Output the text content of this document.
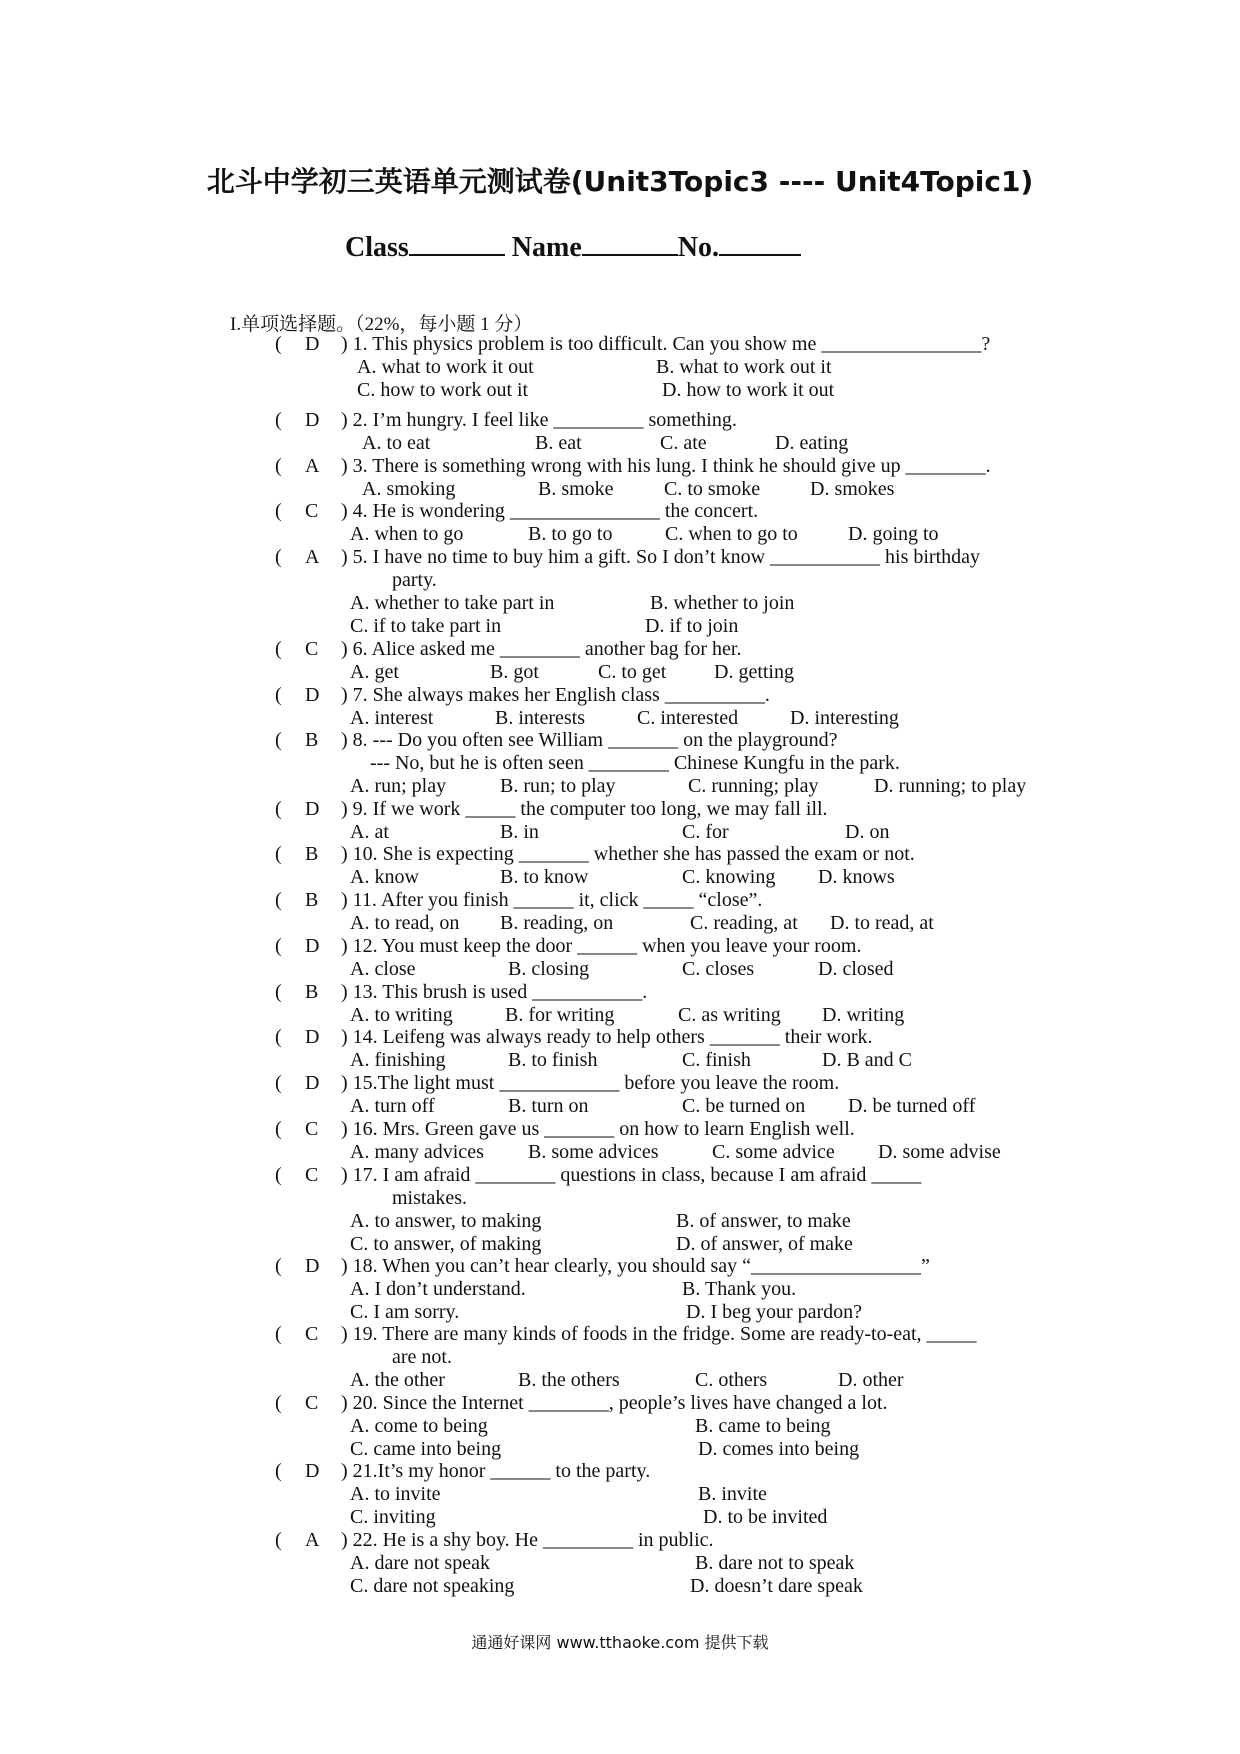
北斗中学初三英语单元测试卷(Unit3Topic3 ---- Unit4Topic1)
Class	Name	No.
I.单项选择题。（22%，每小题 1 分）
( D ) 1. This physics problem is too difficult. Can you show me ________________?
A. what to work it out	B. what to work out it
C. how to work out it	D. how to work it out
( D ) 2. I’m hungry. I feel like _________ something.
A. to eat	B. eat	C. ate	D. eating
( A ) 3. There is something wrong with his lung. I think he should give up ________.
A. smoking	B. smoke	C. to smoke D. smokes
( C ) 4. He is wondering _______________ the concert.
A. when to go	B. to go to	C. when to go to	D. going to
( A ) 5. I have no time to buy him a gift. So I don’t know ___________ his birthday
party.
A. whether to take part in	B. whether to join
C. if to take part in	D. if to join
( C ) 6. Alice asked me ________ another bag for her.
A. get	B. got	C. to get D. getting
( D ) 7. She always makes her English class __________.
A. interest	B. interests	C. interested	D. interesting
( B ) 8. --- Do you often see William _______ on the playground?
--- No, but he is often seen ________ Chinese Kungfu in the park.
A. run; play	B. run; to play	C. running; play	D. running; to play
( D ) 9. If we work _____ the computer too long, we may fall ill.
A. at	B. in	C. for	D. on
( B ) 10. She is expecting _______ whether she has passed the exam or not.
A. know	B. to know	C. knowing D. knows
( B ) 11. After you finish ______ it, click _____ “close”.
A. to read, on B. reading, on	C. reading, at D. to read, at
( D ) 12. You must keep the door ______ when you leave your room.
A. close	B. closing	C. closes	D. closed
( B ) 13. This brush is used ___________.
A. to writing	B. for writing	C. as writing D. writing
( D ) 14. Leifeng was always ready to help others _______ their work.
A. finishing	B. to finish	C. finish	D. B and C
( D ) 15.The light must ____________ before you leave the room.
A. turn off	B. turn on	C. be turned on D. be turned off
( C ) 16. Mrs. Green gave us _______ on how to learn English well.
A. many advices B. some advices	C. some advice D. some advise
( C ) 17. I am afraid ________ questions in class, because I am afraid _____
mistakes.
A. to answer, to making	B. of answer, to make
C. to answer, of making	D. of answer, of make
( D ) 18. When you can’t hear clearly, you should say “_________________”
A. I don’t understand.	B. Thank you.
C. I am sorry.	D. I beg your pardon?
( C ) 19. There are many kinds of foods in the fridge. Some are ready-to-eat, _____
are not.
A. the other	B. the others	C. others	D. other
( C ) 20. Since the Internet ________, people’s lives have changed a lot.
A. come to being	B. came to being
C. came into being	D. comes into being
( D ) 21.It’s my honor ______ to the party.
A. to invite	B. invite
C. inviting	D. to be invited
( A ) 22. He is a shy boy. He _________ in public.
A. dare not speak	B. dare not to speak
C. dare not speaking	D. doesn’t dare speak
通通好课网 www.tthaoke.com 提供下载
